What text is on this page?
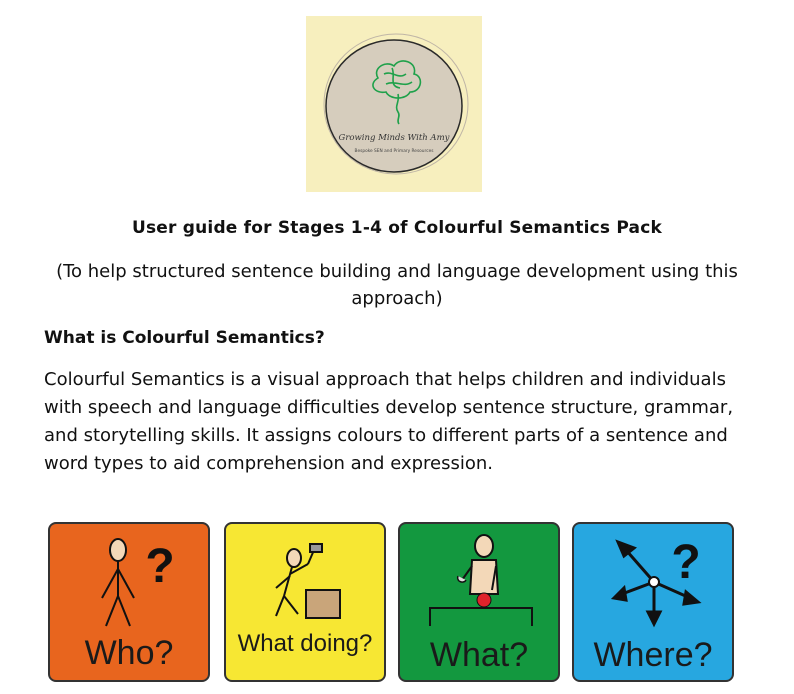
Growing Minds With Amy
Bespoke SEN and Primary Resources
User guide for Stages 1-4 of Colourful Semantics Pack
(To help structured sentence building and language development using this approach)
What is Colourful Semantics?
Colourful Semantics is a visual approach that helps children and individuals with speech and language difficulties develop sentence structure, grammar, and storytelling skills. It assigns colours to different parts of a sentence and word types to aid comprehension and expression.
?
Who?	What doing?	What?
?
Where?
